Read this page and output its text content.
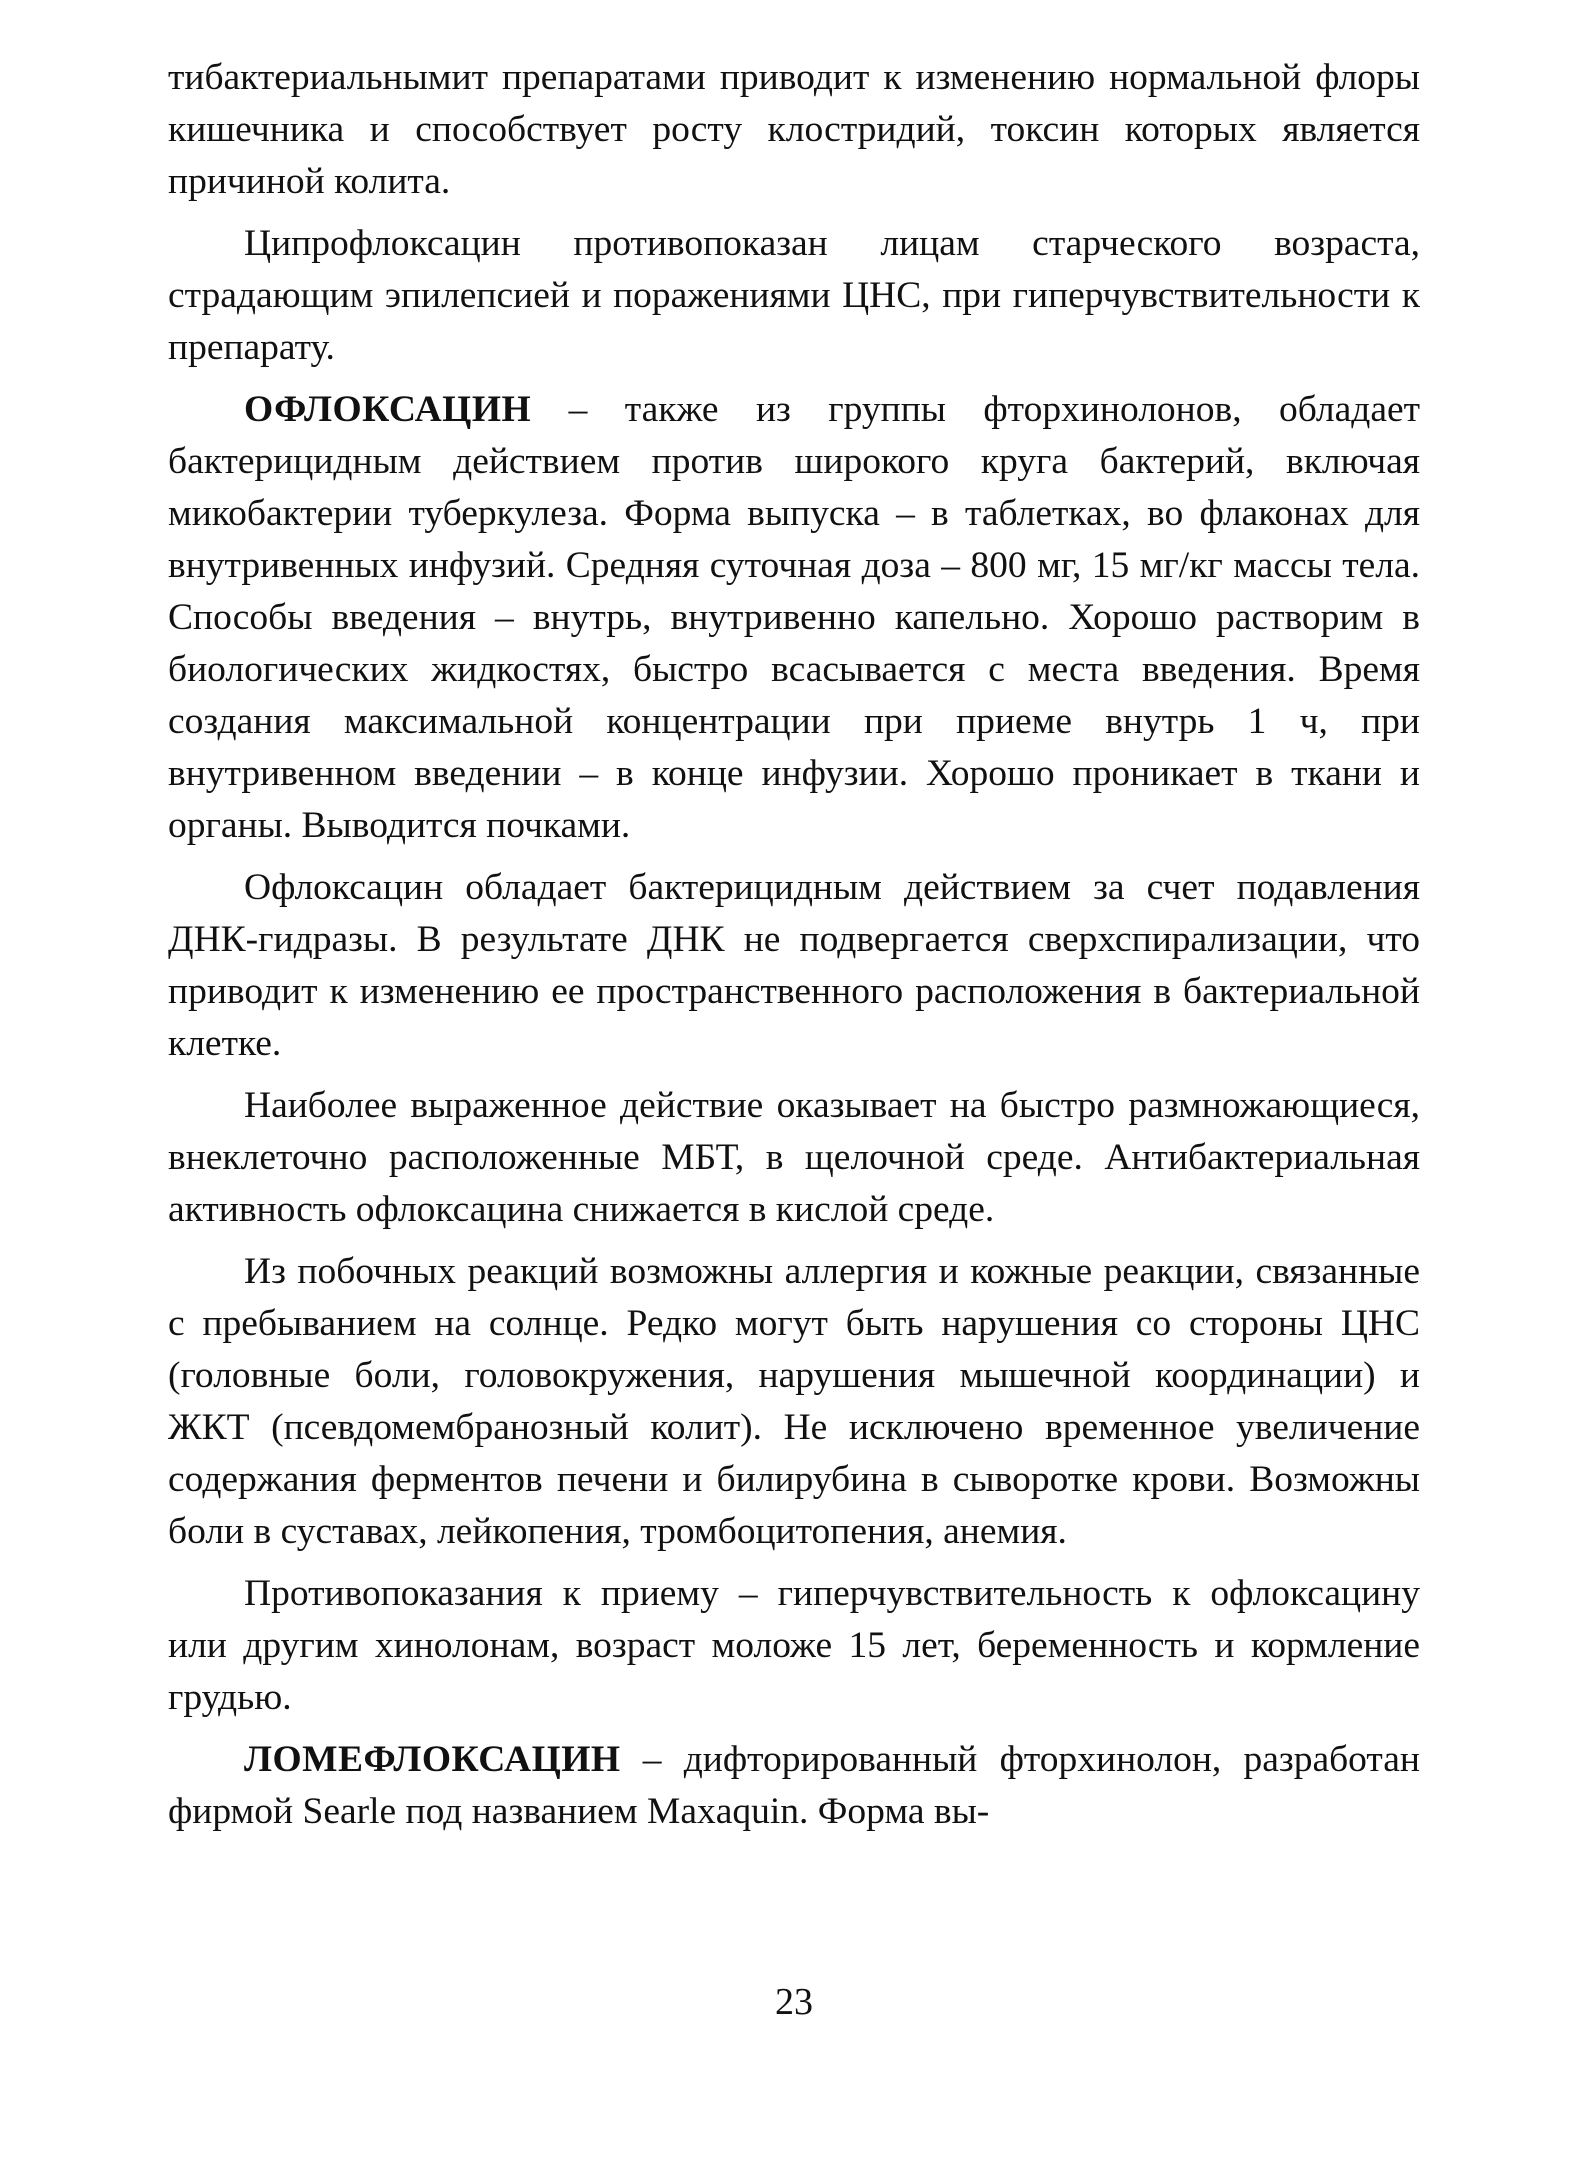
тибактериальнымит препаратами приводит к изменению нормальной флоры кишечника и способствует росту клостридий, токсин которых является причиной колита.

Ципрофлоксацин противопоказан лицам старческого возраста, страдающим эпилепсией и поражениями ЦНС, при гиперчувствительности к препарату.

ОФЛОКСАЦИН – также из группы фторхинолонов, обладает бактерицидным действием против широкого круга бактерий, включая микобактерии туберкулеза. Форма выпуска – в таблетках, во флаконах для внутривенных инфузий. Средняя суточная доза – 800 мг, 15 мг/кг массы тела. Способы введения – внутрь, внутривенно капельно. Хорошо растворим в биологических жидкостях, быстро всасывается с места введения. Время создания максимальной концентрации при приеме внутрь 1 ч, при внутривенном введении – в конце инфузии. Хорошо проникает в ткани и органы. Выводится почками.

Офлоксацин обладает бактерицидным действием за счет подавления ДНК-гидразы. В результате ДНК не подвергается сверхспирализации, что приводит к изменению ее пространственного расположения в бактериальной клетке.

Наиболее выраженное действие оказывает на быстро размножающиеся, внеклеточно расположенные МБТ, в щелочной среде. Антибактериальная активность офлоксацина снижается в кислой среде.

Из побочных реакций возможны аллергия и кожные реакции, связанные с пребыванием на солнце. Редко могут быть нарушения со стороны ЦНС (головные боли, головокружения, нарушения мышечной координации) и ЖКТ (псевдомембранозный колит). Не исключено временное увеличение содержания ферментов печени и билирубина в сыворотке крови. Возможны боли в суставах, лейкопения, тромбоцитопения, анемия.

Противопоказания к приему – гиперчувствительность к офлоксацину или другим хинолонам, возраст моложе 15 лет, беременность и кормление грудью.

ЛОМЕФЛОКСАЦИН – дифторированный фторхинолон, разработан фирмой Searle под названием Maxaquin. Форма вы-

23
